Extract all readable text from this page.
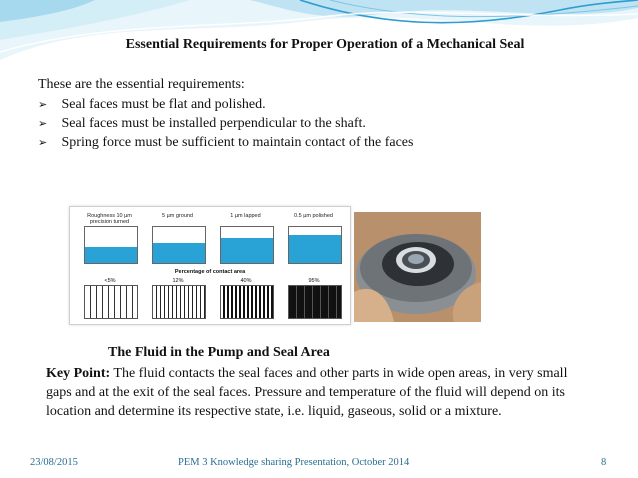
Essential Requirements for Proper Operation of a Mechanical Seal
These are the essential requirements:
➢ Seal faces must be flat and polished.
➢ Seal faces must be installed perpendicular to the shaft.
➢ Spring force must be sufficient to maintain contact of the faces
Roughness 10 µm precision turned
5 µm ground	1 µm lapped	0.5 µm polished
Percentage of contact area
<5%	12%	40%	95%
The Fluid in the Pump and Seal Area
Key Point: The fluid contacts the seal faces and other parts in wide open areas, in very small gaps and at the exit of the seal faces. Pressure and temperature of the fluid will depend on its location and determine its respective state, i.e. liquid, gaseous, solid or a mixture.
23/08/2015	PEM 3 Knowledge sharing Presentation, October 2014	8
